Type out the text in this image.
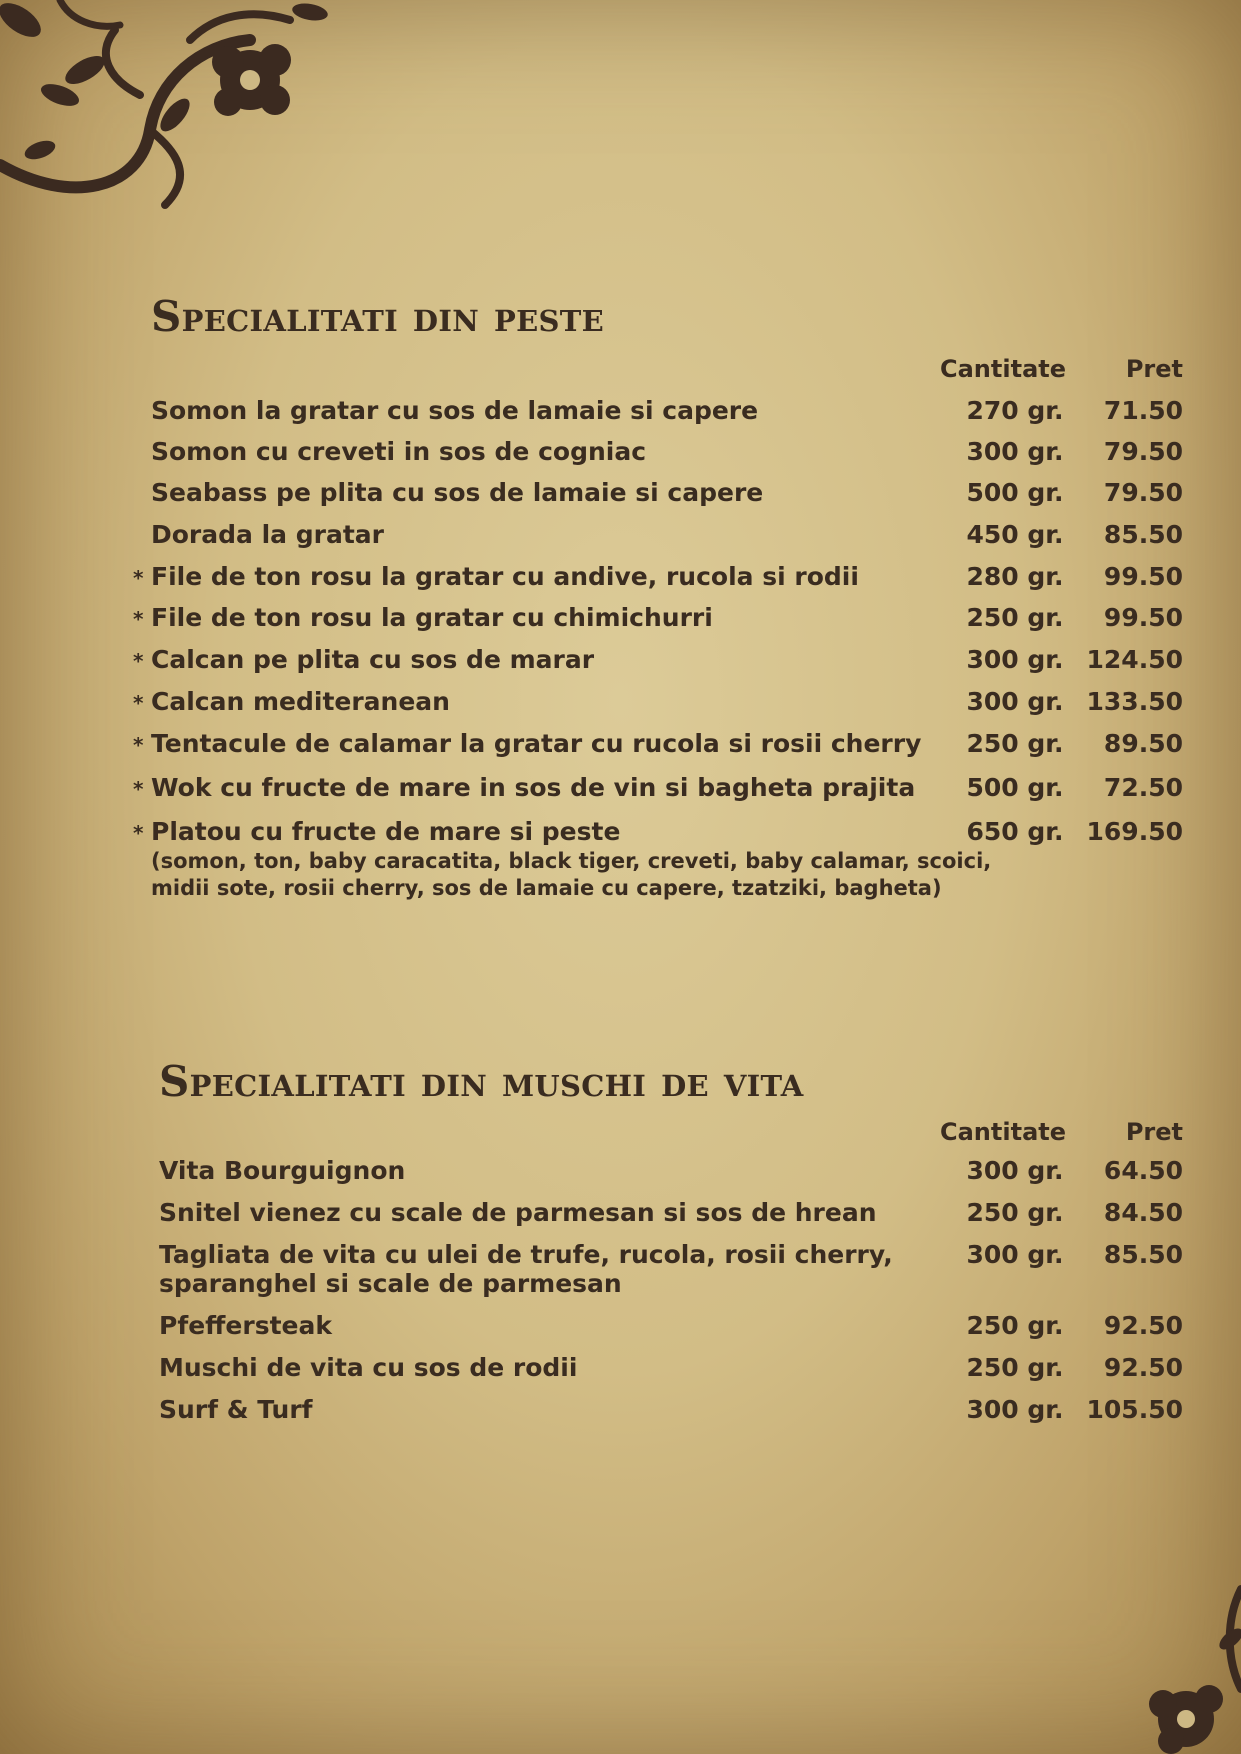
Specialitati din peste
Cantitate Pret
Somon la gratar cu sos de lamaie si capere	270 gr.	71.50
Somon cu creveti in sos de cogniac	300 gr.	79.50
Seabass pe plita cu sos de lamaie si capere	500 gr.	79.50
Dorada la gratar	450 gr.	85.50
* File de ton rosu la gratar cu andive, rucola si rodii	280 gr.	99.50
* File de ton rosu la gratar cu chimichurri	250 gr.	99.50
* Calcan pe plita cu sos de marar	300 gr. 124.50
* Calcan mediteranean	300 gr. 133.50
* Tentacule de calamar la gratar cu rucola si rosii cherry	250 gr.	89.50
* Wok cu fructe de mare in sos de vin si bagheta prajita	500 gr.	72.50
* Platou cu fructe de mare si peste	650 gr. 169.50
(somon, ton, baby caracatita, black tiger, creveti, baby calamar, scoici,
midii sote, rosii cherry, sos de lamaie cu capere, tzatziki, bagheta)
Specialitati din muschi de vita
Cantitate Pret
Vita Bourguignon	300 gr.	64.50
Snitel vienez cu scale de parmesan si sos de hrean	250 gr.	84.50
Tagliata de vita cu ulei de trufe, rucola, rosii cherry,
sparanghel si scale de parmesan
300 gr.	85.50
Pfeffersteak	250 gr.	92.50
Muschi de vita cu sos de rodii	250 gr.	92.50
Surf & Turf	300 gr. 105.50
